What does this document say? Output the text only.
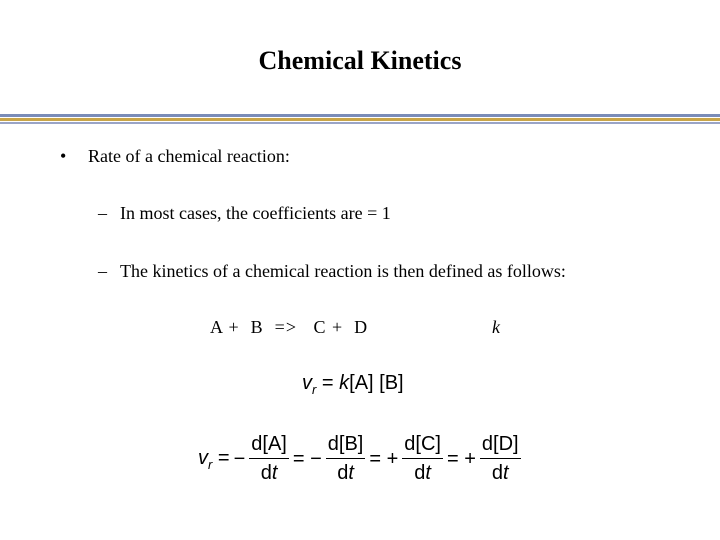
Chemical Kinetics
• Rate of a chemical reaction:
– In most cases, the coefficients are = 1
– The kinetics of a chemical reaction is then defined as follows:
A +  B  =>   C +  D	k
$v_r = k[A]$ [B]
$v_r$ = − $\frac{d[A]}{dt}$ = − $\frac{d[B]}{dt}$ = + $\frac{d[C]}{dt}$ = + $\frac{d[D]}{dt}$
